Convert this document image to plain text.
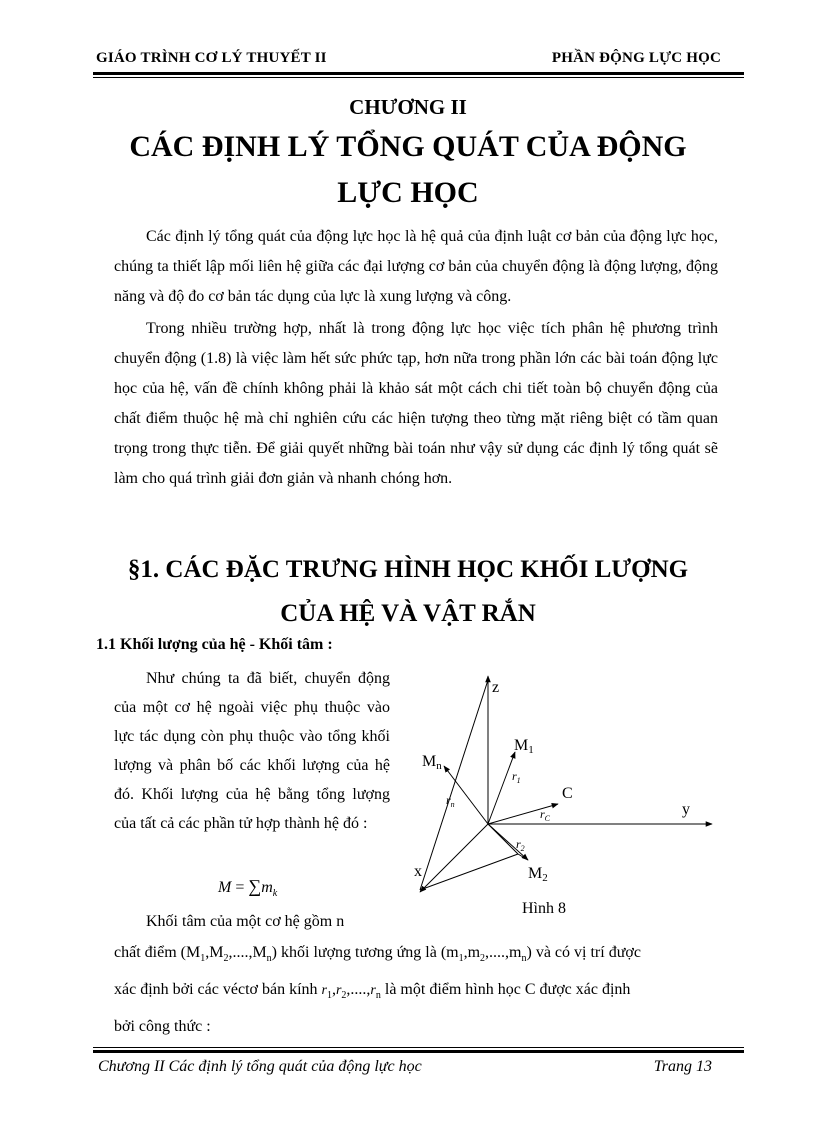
GIÁO TRÌNH CƠ LÝ THUYẾT II	PHẦN ĐỘNG LỰC HỌC
CHƯƠNG II
CÁC ĐỊNH LÝ TỔNG QUÁT CỦA ĐỘNG LỰC HỌC

Các định lý tổng quát của động lực học là hệ quả của định luật cơ bản của động lực học, chúng ta thiết lập mối liên hệ giữa các đại lượng cơ bản của chuyển động là động lượng, động năng và độ đo cơ bản tác dụng của lực là xung lượng và công.

Trong nhiều trường hợp, nhất là trong động lực học việc tích phân hệ phương trình chuyển động (1.8) là việc làm hết sức phức tạp, hơn nữa trong phần lớn các bài toán động lực học của hệ, vấn đề chính không phải là khảo sát một cách chi tiết toàn bộ chuyển động của chất điểm thuộc hệ mà chỉ nghiên cứu các hiện tượng theo từng mặt riêng biệt có tầm quan trọng trong thực tiễn. Để giải quyết những bài toán như vậy sử dụng các định lý tổng quát sẽ làm cho quá trình giải đơn giản và nhanh chóng hơn.

§1. CÁC ĐẶC TRƯNG HÌNH HỌC KHỐI LƯỢNG CỦA HỆ VÀ VẬT RẮN
1.1 Khối lượng của hệ - Khối tâm :

Như chúng ta đã biết, chuyển động của một cơ hệ ngoài việc phụ thuộc vào lực tác dụng còn phụ thuộc vào tổng khối lượng và phân bố các khối lượng của hệ đó. Khối lượng của hệ bằng tổng lượng của tất cả các phần tử hợp thành hệ đó :

$M = \sum m_k$
z
y
x
M1
Mn
M2
C
$r_1$
$r_n$
$r_C$
$r_2$
Hình 8

Khối tâm của một cơ hệ gồm n
chất điểm $(M_1,M_2,....,M_n)$ khối lượng tương ứng là $(m_1,m_2,....,m_n)$ và có vị trí được
xác định bởi các véctơ bán kính $r_1,r_2,....,r_n$ là một điểm hình học C được xác định
bởi công thức :

Chương II Các định lý tổng quát của động lực học	Trang 13
